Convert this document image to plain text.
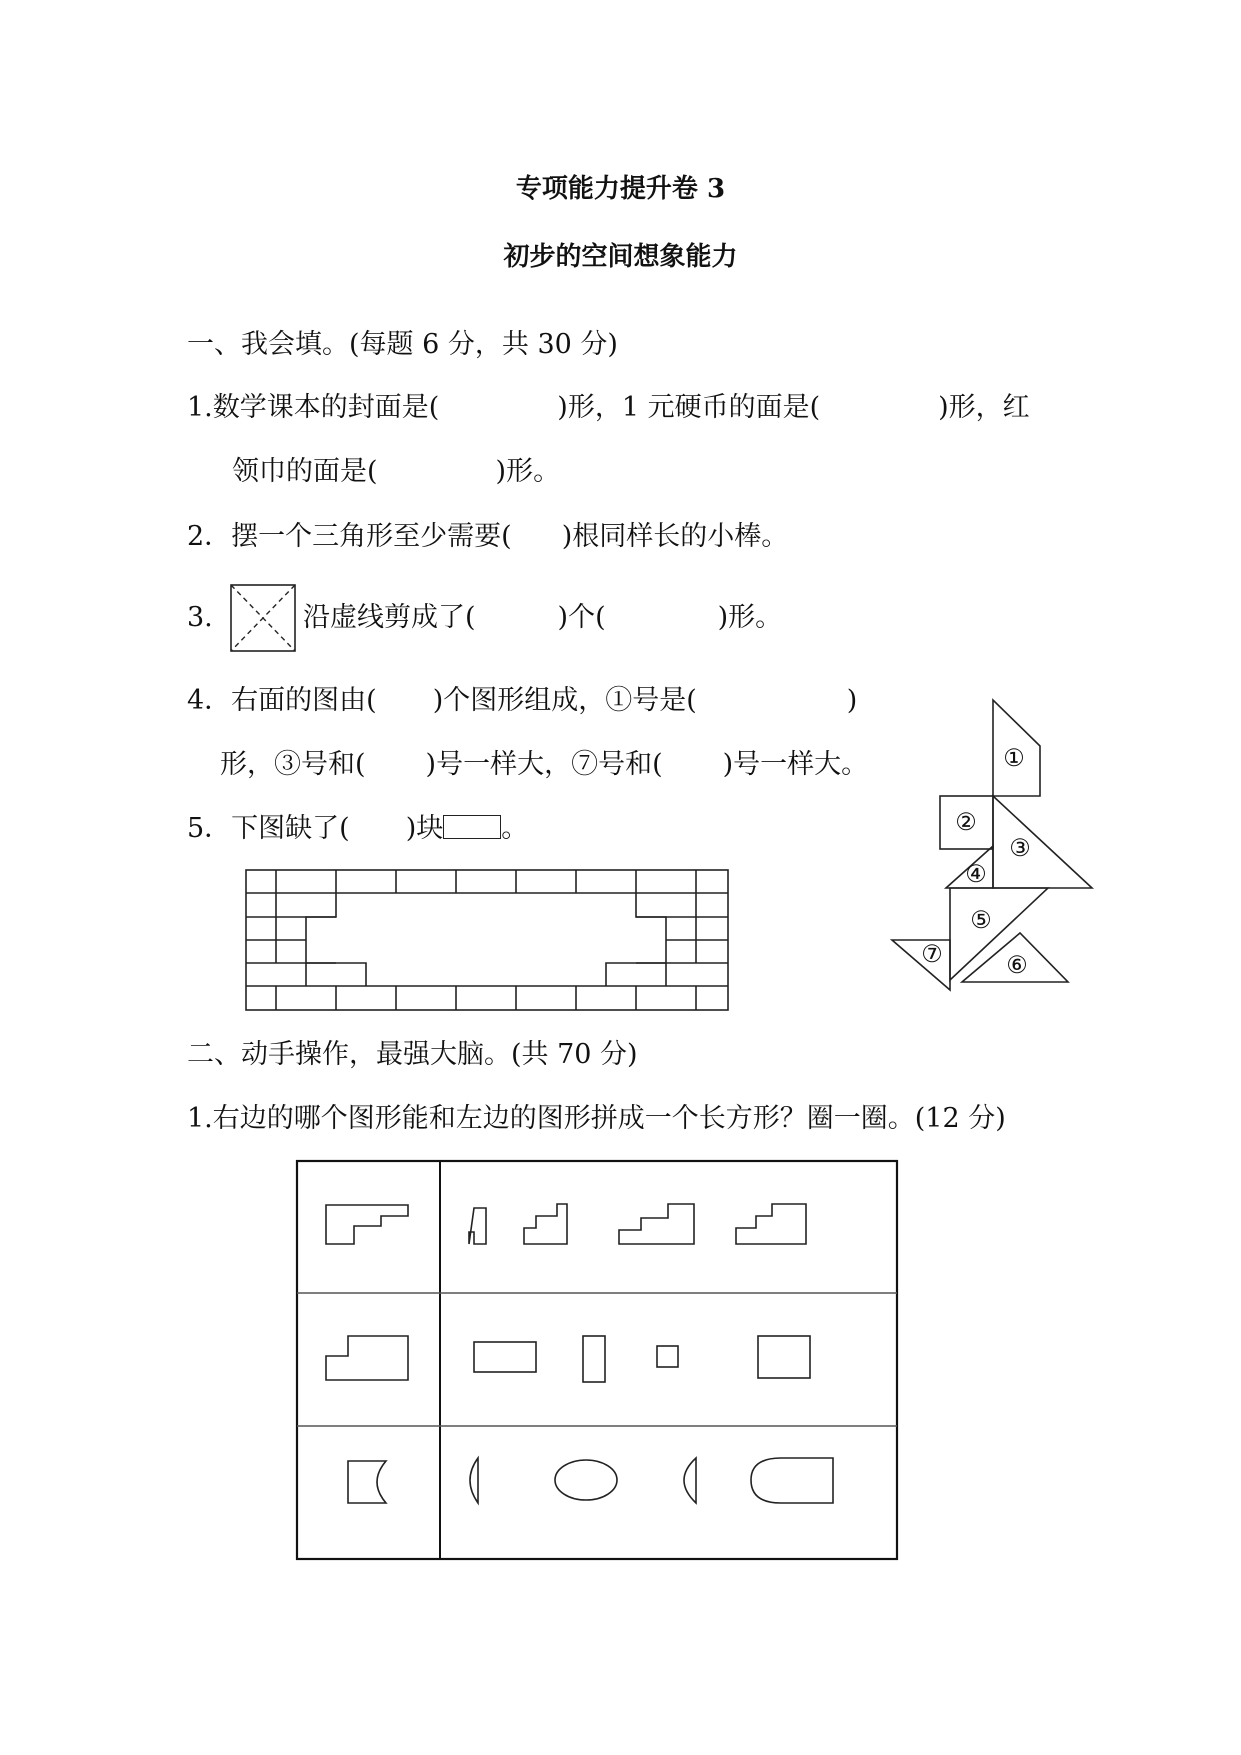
专项能力提升卷 3
初步的空间想象能力
一、我会填。(每题 6 分，共 30 分)
1.数学课本的封面是(	)形，1 元硬币的面是(	)形，红
领巾的面是(	)形。
2．摆一个三角形至少需要( )根同样长的小棒。
3.	沿虚线剪成了(	)个(	)形。
4．右面的图由( )个图形组成，①号是(	)
形，③号和( )号一样大，⑦号和( )号一样大。	①
②
③
④
⑤
⑥
⑦
5．下图缺了( )块 。
二、动手操作，最强大脑。(共 70 分)
1.右边的哪个图形能和左边的图形拼成一个长方形？圈一圈。(12 分)
